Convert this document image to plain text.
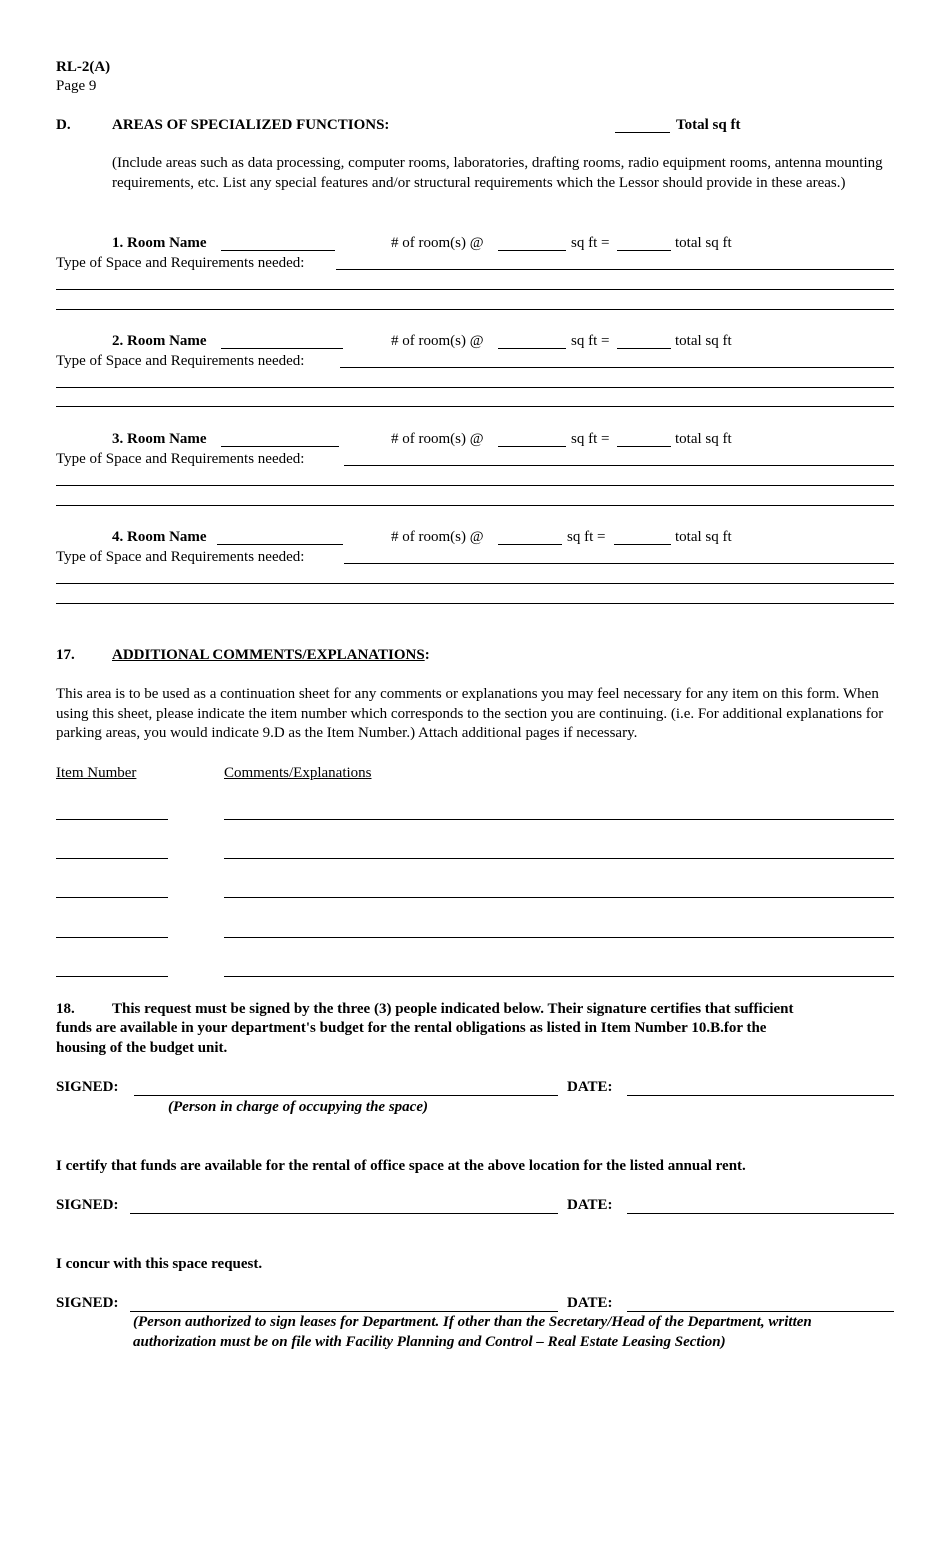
RL-2(A)
Page 9
D.	AREAS OF SPECIALIZED FUNCTIONS:	Total sq ft
(Include areas such as data processing, computer rooms, laboratories, drafting rooms, radio equipment rooms, antenna mounting requirements, etc. List any special features and/or structural requirements which the Lessor should provide in these areas.)
1. Room Name	# of room(s) @	sq ft =	total sq ft
Type of Space and Requirements needed:
2. Room Name	# of room(s) @	sq ft =	total sq ft
Type of Space and Requirements needed:
3. Room Name	# of room(s) @	sq ft =	total sq ft
Type of Space and Requirements needed:
4. Room Name	# of room(s) @	sq ft =	total sq ft
Type of Space and Requirements needed:
17. ADDITIONAL COMMENTS/EXPLANATIONS:
This area is to be used as a continuation sheet for any comments or explanations you may feel necessary for any item on this form. When using this sheet, please indicate the item number which corresponds to the section you are continuing. (i.e. For additional explanations for parking areas, you would indicate 9.D as the Item Number.) Attach additional pages if necessary.
Item Number	Comments/Explanations
18. This request must be signed by the three (3) people indicated below. Their signature certifies that sufficient
funds are available in your department's budget for the rental obligations as listed in Item Number 10.B.for the
housing of the budget unit.
SIGNED:	DATE:
(Person in charge of occupying the space)
I certify that funds are available for the rental of office space at the above location for the listed annual rent.
SIGNED:	DATE:
I concur with this space request.
SIGNED:	DATE:
(Person authorized to sign leases for Department. If other than the Secretary/Head of the Department, written
authorization must be on file with Facility Planning and Control – Real Estate Leasing Section)
